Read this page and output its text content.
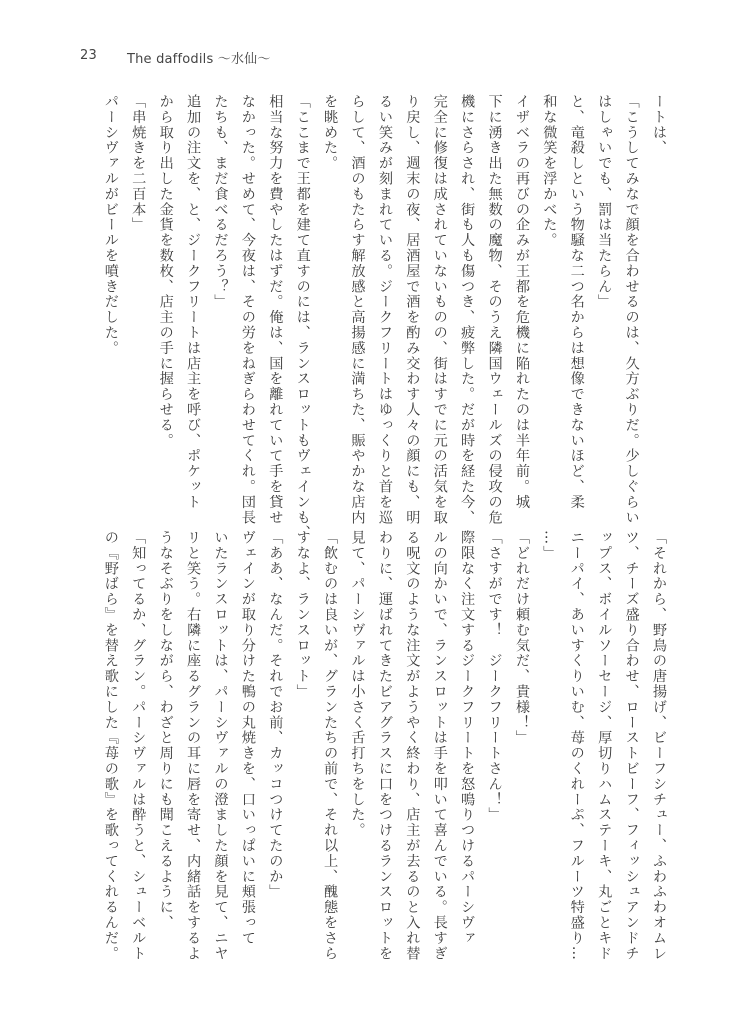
23 The daffodils ～水仙～
ートは、
「こうしてみなで顔を合わせるのは、久方ぶりだ。少しぐらい
はしゃいでも、罰は当たらん」
と、竜殺しという物騒な二つ名からは想像できないほど、柔
和な微笑を浮かべた。
イザベラの再びの企みが王都を危機に陥れたのは半年前。城
下に湧き出た無数の魔物、そのうえ隣国ウェールズの侵攻の危
機にさらされ、街も人も傷つき、疲弊した。だが時を経た今、
完全に修復は成されていないものの、街はすでに元の活気を取
り戻し、週末の夜、居酒屋で酒を酌み交わす人々の顔にも、明
るい笑みが刻まれている。ジークフリートはゆっくりと首を巡
らして、酒のもたらす解放感と高揚感に満ちた、賑やかな店内
を眺めた。
「ここまで王都を建て直すのには、ランスロットもヴェインも、
相当な努力を費やしたはずだ。俺は、国を離れていて手を貸せ
なかった。せめて、今夜は、その労をねぎらわせてくれ。団長
たちも、まだ食べるだろう？」
追加の注文を、と、ジークフリートは店主を呼び、ポケット
から取り出した金貨を数枚、店主の手に握らせる。
「串焼きを二百本」
パーシヴァルがビールを噴きだした。
「それから、野鳥の唐揚げ、ビーフシチュー、ふわふわオムレ
ツ、チーズ盛り合わせ、ローストビーフ、フィッシュアンドチ
ップス、ボイルソーセージ、厚切りハムステーキ、丸ごとキド
ニーパイ、あいすくりいむ、苺のくれーぷ、フルーツ特盛り…
…」
「どれだけ頼む気だ、貴様！」
「さすがです！　ジークフリートさん！」
際限なく注文するジークフリートを怒鳴りつけるパーシヴァ
ルの向かいで、ランスロットは手を叩いて喜んでいる。長すぎ
る呪文のような注文がようやく終わり、店主が去るのと入れ替
わりに、運ばれてきたビアグラスに口をつけるランスロットを
見て、パーシヴァルは小さく舌打ちをした。
「飲むのは良いが、グランたちの前で、それ以上、醜態をさら
すなよ、ランスロット」
「ああ、なんだ。それでお前、カッコつけてたのか」
ヴェインが取り分けた鴨の丸焼きを、口いっぱいに頬張って
いたランスロットは、パーシヴァルの澄ました顔を見て、ニヤ
リと笑う。右隣に座るグランの耳に唇を寄せ、内緒話をするよ
うなそぶりをしながら、わざと周りにも聞こえるように、
「知ってるか、グラン。パーシヴァルは酔うと、シューベルト
の『野ばら』を替え歌にした『苺の歌』を歌ってくれるんだ。
